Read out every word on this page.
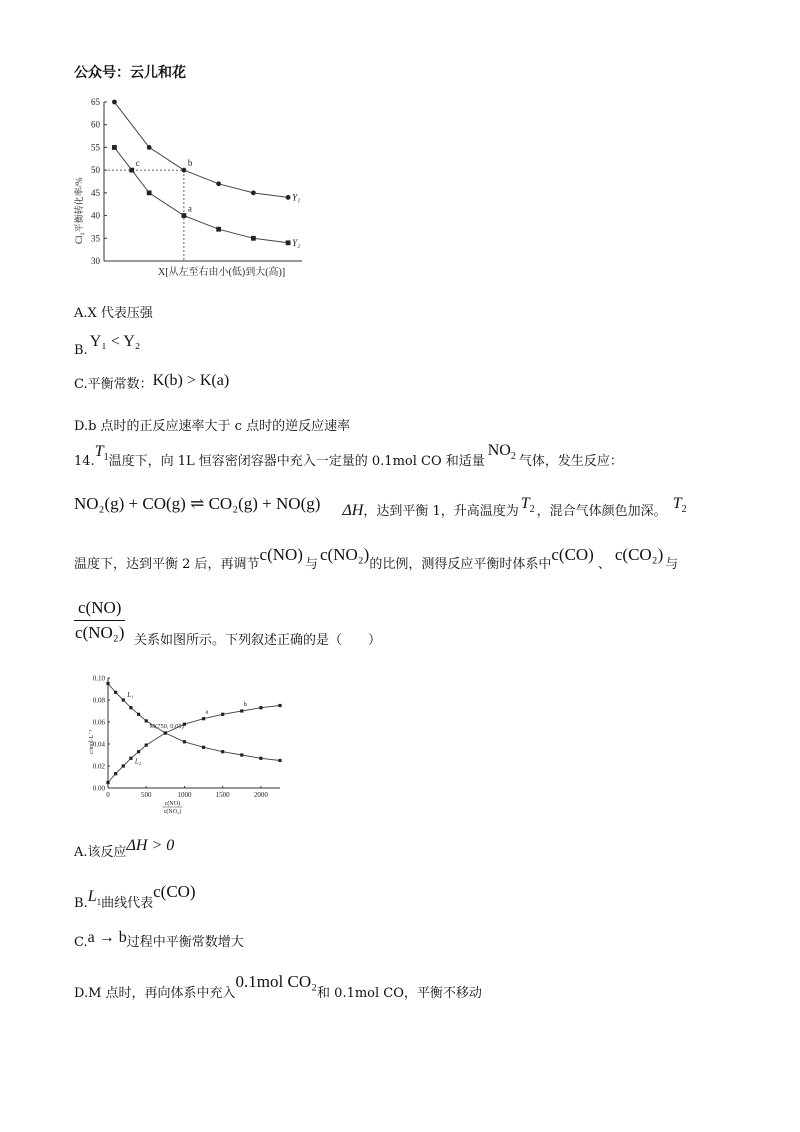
公众号：云儿和花
30
35
40
45
50
55
60
65
Y₁
Y₂
b
a
c
Cl₂平衡转化率/%
X[从左至右由小(低)到大(高)]
A.X 代表压强
B.Y₁ < Y₂
C.平衡常数：K(b) > K(a)
D.b 点时的正反应速率大于 c 点时的逆反应速率
$14.T_1$温度下，向 1L 恒容密闭容器中充入一定量的 0.1mol CO 和适量$NO_2$ 气体，发生反应：
NO₂(g) + CO(g) ⇌ CO₂(g) + NO(g) ΔH，达到平衡 1，升高温度为 $T_2$ ，混合气体颜色加深。 $T_2$
温度下，达到平衡 2 后，再调节c(NO)与c(NO₂)的比例，测得反应平衡时体系中c(CO)、c(CO₂)与
$\frac{c(NO)}{\text{c(NO₂)}}$ 关系如图所示。下列叙述正确的是（　　）
0.00
0.02
0.04
0.06
0.08
0.10
0	500	1000	1500	2000
c(NO)
c(NO₂)
L₁
L₂
M(750, 0.05)
a
b
c/mol·L⁻¹
A.该反应ΔH > 0
$B.L_1$曲线代表c(CO)
C.a → b过程中平衡常数增大
D.M 点时，再向体系中充入0.1mol CO₂和 0.1mol CO，平衡不移动
